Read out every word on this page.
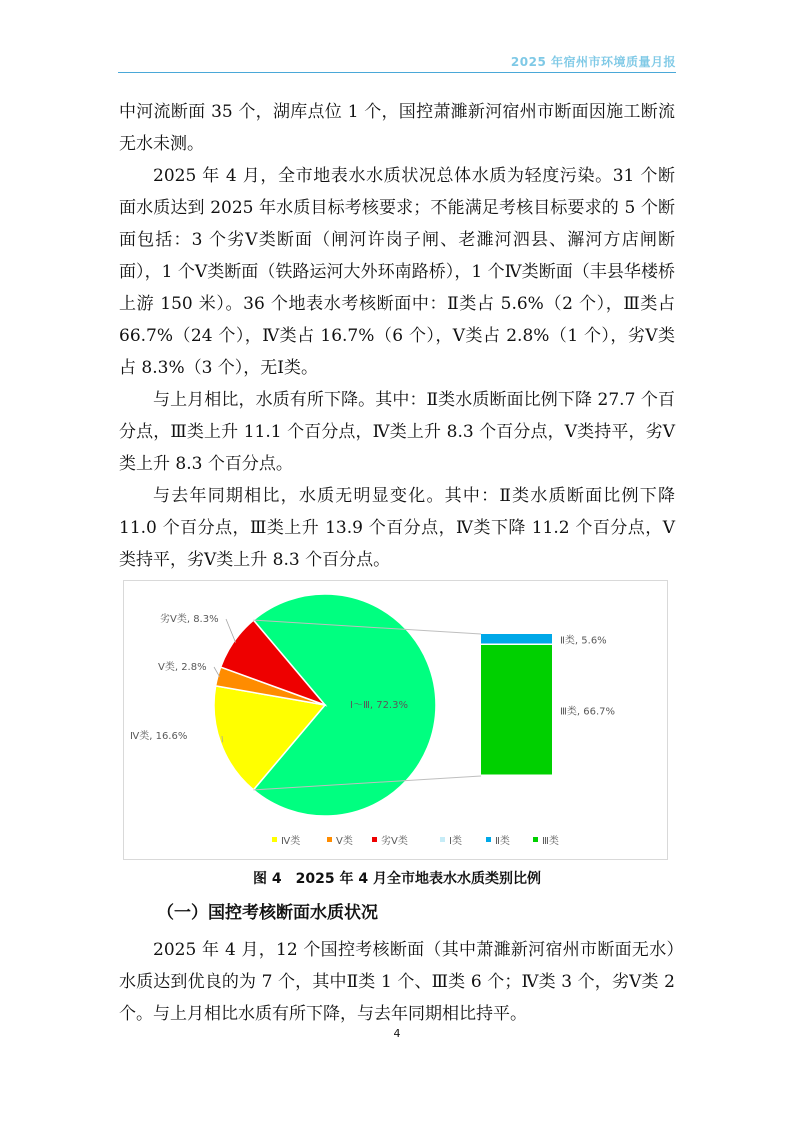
2025 年宿州市环境质量月报

中河流断面 35 个，湖库点位 1 个，国控萧濉新河宿州市断面因施工断流无水未测。

2025 年 4 月，全市地表水水质状况总体水质为轻度污染。31 个断面水质达到 2025 年水质目标考核要求；不能满足考核目标要求的 5 个断面包括：3 个劣Ⅴ类断面（闸河许岗子闸、老濉河泗县、澥河方店闸断面），1 个Ⅴ类断面（铁路运河大外环南路桥），1 个Ⅳ类断面（丰县华楼桥上游 150 米）。36 个地表水考核断面中：Ⅱ类占 5.6%（2 个），Ⅲ类占 66.7%（24 个），Ⅳ类占 16.7%（6 个），Ⅴ类占 2.8%（1 个），劣Ⅴ类占 8.3%（3 个），无Ⅰ类。

与上月相比，水质有所下降。其中：Ⅱ类水质断面比例下降 27.7 个百分点，Ⅲ类上升 11.1 个百分点，Ⅳ类上升 8.3 个百分点，Ⅴ类持平，劣Ⅴ类上升 8.3 个百分点。

与去年同期相比，水质无明显变化。其中：Ⅱ类水质断面比例下降 11.0 个百分点，Ⅲ类上升 13.9 个百分点，Ⅳ类下降 11.2 个百分点，Ⅴ类持平，劣Ⅴ类上升 8.3 个百分点。

Ⅰ～Ⅲ, 72.3%
Ⅳ类, 16.6%
Ⅴ类, 2.8%
劣Ⅴ类, 8.3%
Ⅱ类, 5.6%
Ⅲ类, 66.7%
Ⅳ类	Ⅴ类	劣Ⅴ类	Ⅰ类	Ⅱ类	Ⅲ类
图 4　2025 年 4 月全市地表水水质类别比例
（一）国控考核断面水质状况

2025 年 4 月，12 个国控考核断面（其中萧濉新河宿州市断面无水）水质达到优良的为 7 个，其中Ⅱ类 1 个、Ⅲ类 6 个；Ⅳ类 3 个，劣Ⅴ类 2 个。与上月相比水质有所下降，与去年同期相比持平。

4
